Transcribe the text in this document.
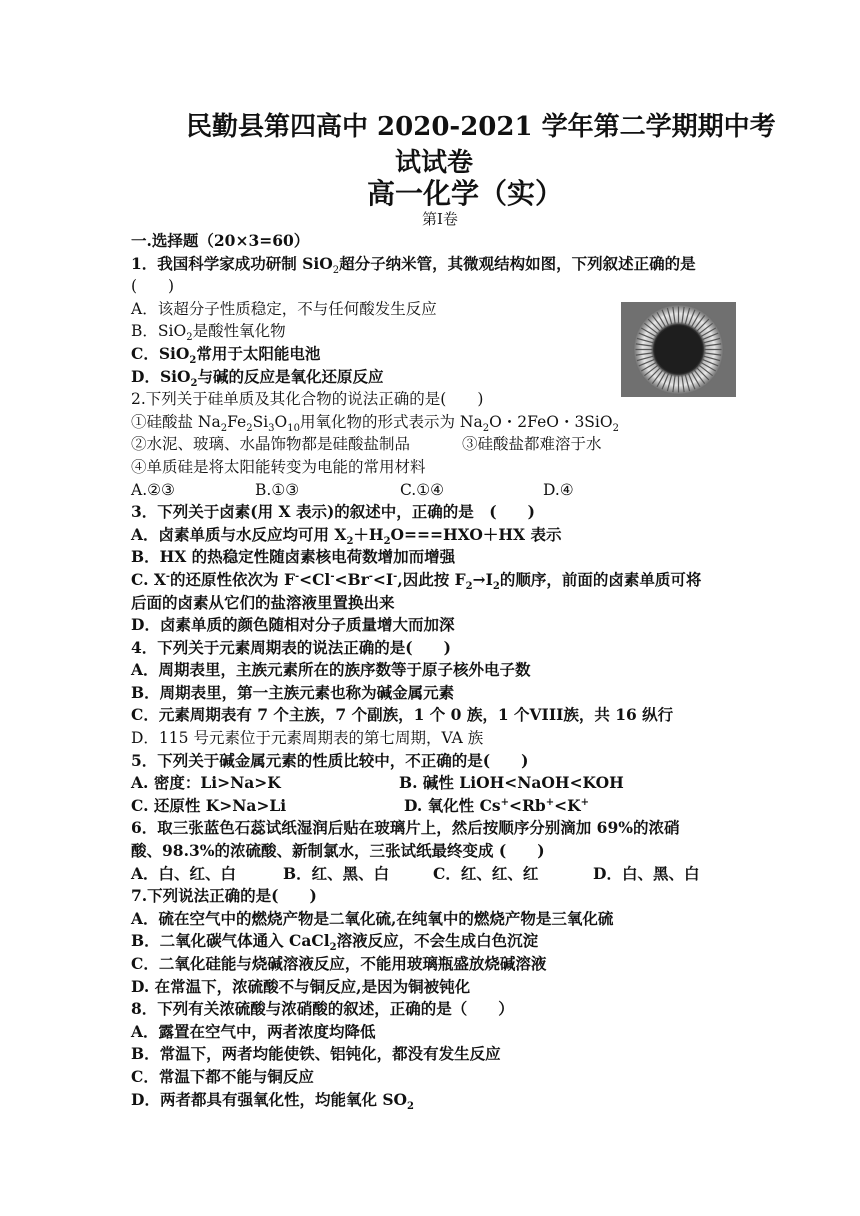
民勤县第四高中 2020-2021 学年第二学期期中考
试试卷
高一化学（实）
第Ⅰ卷
一.选择题（20×3=60）
1．我国科学家成功研制 SiO$_2$超分子纳米管，其微观结构如图，下列叙述正确的是
(　　)
A．该超分子性质稳定，不与任何酸发生反应
B．SiO$_2$是酸性氧化物
C．SiO$_2$常用于太阳能电池
D．SiO$_2$与碱的反应是氧化还原反应
2.下列关于硅单质及其化合物的说法正确的是(　　)
①硅酸盐 $Na_2Fe_2Si_3O_{10}$用氧化物的形式表示为 $Na_2O$・2FeO・3SiO$_2$
②水泥、玻璃、水晶饰物都是硅酸盐制品	③硅酸盐都难溶于水
④单质硅是将太阳能转变为电能的常用材料
A.②③	B.①③	C.①④	D.④
3．下列关于卤素(用 X 表示)的叙述中，正确的是　(　　)
A．卤素单质与水反应均可用 $X_2+H_2O===HXO+HX$ 表示
B．HX 的热稳定性随卤素核电荷数增加而增强
C. X-的还原性依次为 F-<Cl-<Br-<I-,因此按 $F_2\to I_2$的顺序，前面的卤素单质可将
后面的卤素从它们的盐溶液里置换出来
D．卤素单质的颜色随相对分子质量增大而加深
4．下列关于元素周期表的说法正确的是(　　)
A．周期表里，主族元素所在的族序数等于原子核外电子数
B．周期表里，第一主族元素也称为碱金属元素
C．元素周期表有 7 个主族，7 个副族，1 个 0 族，1 个VIII族，共 16 纵行
D．115 号元素位于元素周期表的第七周期，VA 族
5．下列关于碱金属元素的性质比较中，不正确的是(　　)
A. 密度：Li>Na>K	B. 碱性 LiOH<NaOH<KOH
C. 还原性 K>Na>Li	D. 氧化性 Cs+<Rb+<K+
6．取三张蓝色石蕊试纸湿润后贴在玻璃片上，然后按顺序分别滴加 69%的浓硝
酸、98.3%的浓硫酸、新制氯水，三张试纸最终变成 (　　)
A．白、红、白	B．红、黑、白	C．红、红、红	D．白、黑、白
7.下列说法正确的是(　　)
A．硫在空气中的燃烧产物是二氧化硫,在纯氧中的燃烧产物是三氧化硫
B．二氧化碳气体通入 CaCl$_2$溶液反应，不会生成白色沉淀
C．二氧化硅能与烧碱溶液反应，不能用玻璃瓶盛放烧碱溶液
D. 在常温下，浓硫酸不与铜反应,是因为铜被钝化
8．下列有关浓硫酸与浓硝酸的叙述，正确的是（　　）
A．露置在空气中，两者浓度均降低
B．常温下，两者均能使铁、铝钝化，都没有发生反应
C．常温下都不能与铜反应
D．两者都具有强氧化性，均能氧化 $SO_2$
